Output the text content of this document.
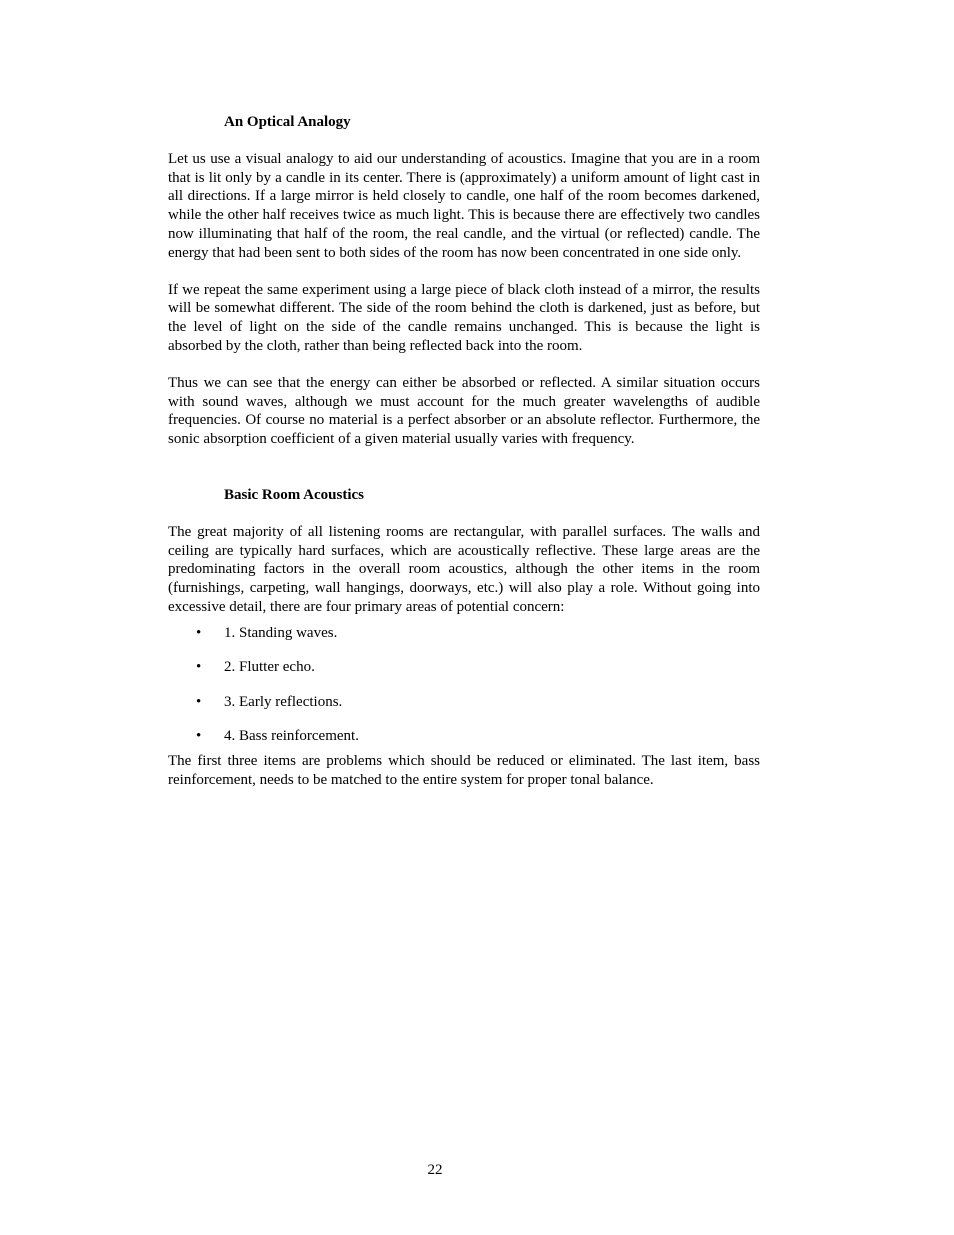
An Optical Analogy

Let us use a visual analogy to aid our understanding of acoustics. Imagine that you are in a room that is lit only by a candle in its center. There is (approximately) a uniform amount of light cast in all directions. If a large mirror is held closely to candle, one half of the room becomes darkened, while the other half receives twice as much light. This is because there are effectively two candles now illuminating that half of the room, the real candle, and the virtual (or reflected) candle. The energy that had been sent to both sides of the room has now been concentrated in one side only.

If we repeat the same experiment using a large piece of black cloth instead of a mirror, the results will be somewhat different. The side of the room behind the cloth is darkened, just as before, but the level of light on the side of the candle remains unchanged. This is because the light is absorbed by the cloth, rather than being reflected back into the room.

Thus we can see that the energy can either be absorbed or reflected. A similar situation occurs with sound waves, although we must account for the much greater wavelengths of audible frequencies. Of course no material is a perfect absorber or an absolute reflector. Furthermore, the sonic absorption coefficient of a given material usually varies with frequency.

Basic Room Acoustics

The great majority of all listening rooms are rectangular, with parallel surfaces. The walls and ceiling are typically hard surfaces, which are acoustically reflective. These large areas are the predominating factors in the overall room acoustics, although the other items in the room (furnishings, carpeting, wall hangings, doorways, etc.) will also play a role. Without going into excessive detail, there are four primary areas of potential concern:

• 1. Standing waves.
• 2. Flutter echo.
• 3. Early reflections.
• 4. Bass reinforcement.

The first three items are problems which should be reduced or eliminated. The last item, bass reinforcement, needs to be matched to the entire system for proper tonal balance.

22
